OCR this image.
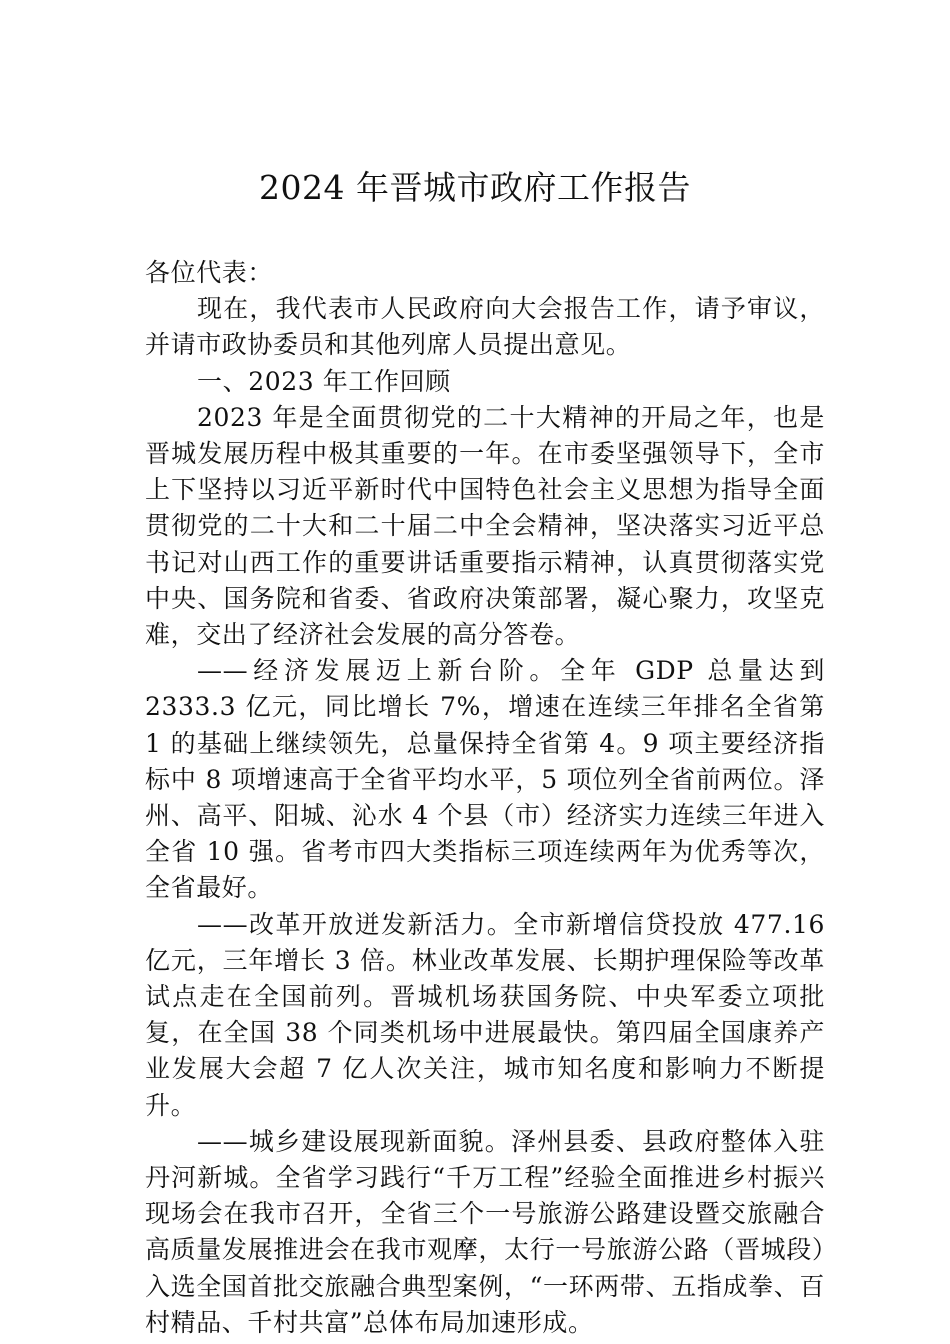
2024 年晋城市政府工作报告

各位代表：

现在，我代表市人民政府向大会报告工作，请予审议，并请市政协委员和其他列席人员提出意见。

一、2023 年工作回顾

2023 年是全面贯彻党的二十大精神的开局之年，也是晋城发展历程中极其重要的一年。在市委坚强领导下，全市上下坚持以习近平新时代中国特色社会主义思想为指导全面贯彻党的二十大和二十届二中全会精神，坚决落实习近平总书记对山西工作的重要讲话重要指示精神，认真贯彻落实党中央、国务院和省委、省政府决策部署，凝心聚力，攻坚克难，交出了经济社会发展的高分答卷。

——经济发展迈上新台阶。全年 GDP 总量达到 2333.3 亿元，同比增长 7%，增速在连续三年排名全省第 1 的基础上继续领先，总量保持全省第 4。9 项主要经济指标中 8 项增速高于全省平均水平，5 项位列全省前两位。泽州、高平、阳城、沁水 4 个县（市）经济实力连续三年进入全省 10 强。省考市四大类指标三项连续两年为优秀等次，全省最好。

——改革开放迸发新活力。全市新增信贷投放 477.16 亿元，三年增长 3 倍。林业改革发展、长期护理保险等改革试点走在全国前列。晋城机场获国务院、中央军委立项批复，在全国 38 个同类机场中进展最快。第四届全国康养产业发展大会超 7 亿人次关注，城市知名度和影响力不断提升。

——城乡建设展现新面貌。泽州县委、县政府整体入驻丹河新城。全省学习践行“千万工程”经验全面推进乡村振兴现场会在我市召开，全省三个一号旅游公路建设暨交旅融合高质量发展推进会在我市观摩，太行一号旅游公路（晋城段）入选全国首批交旅融合典型案例，“一环两带、五指成拳、百村精品、千村共富”总体布局加速形成。
